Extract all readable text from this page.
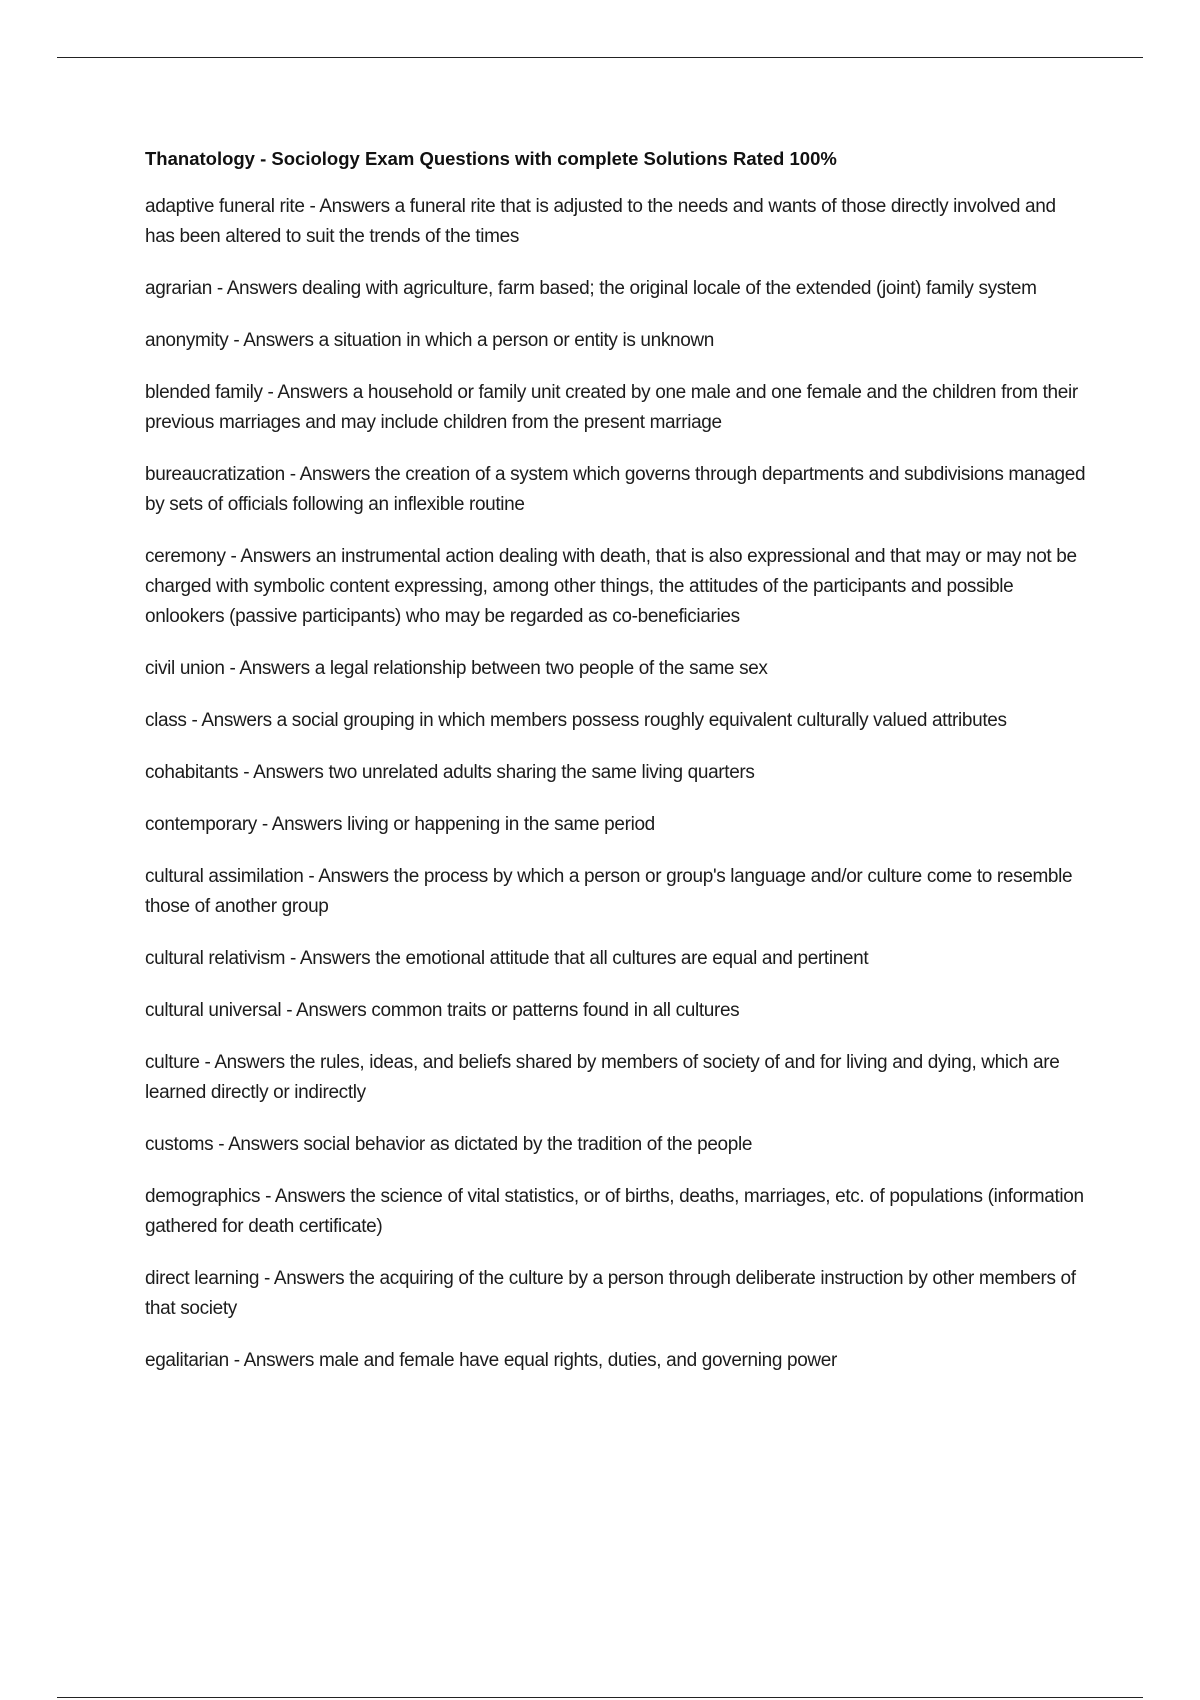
Thanatology - Sociology Exam Questions with complete Solutions Rated 100%

adaptive funeral rite - Answers a funeral rite that is adjusted to the needs and wants of those directly involved and has been altered to suit the trends of the times

agrarian - Answers dealing with agriculture, farm based; the original locale of the extended (joint) family system

anonymity - Answers a situation in which a person or entity is unknown

blended family - Answers a household or family unit created by one male and one female and the children from their previous marriages and may include children from the present marriage

bureaucratization - Answers the creation of a system which governs through departments and subdivisions managed by sets of officials following an inflexible routine

ceremony - Answers an instrumental action dealing with death, that is also expressional and that may or may not be charged with symbolic content expressing, among other things, the attitudes of the participants and possible onlookers (passive participants) who may be regarded as co-beneficiaries

civil union - Answers a legal relationship between two people of the same sex

class - Answers a social grouping in which members possess roughly equivalent culturally valued attributes

cohabitants - Answers two unrelated adults sharing the same living quarters

contemporary - Answers living or happening in the same period

cultural assimilation - Answers the process by which a person or group's language and/or culture come to resemble those of another group

cultural relativism - Answers the emotional attitude that all cultures are equal and pertinent

cultural universal - Answers common traits or patterns found in all cultures

culture - Answers the rules, ideas, and beliefs shared by members of society of and for living and dying, which are learned directly or indirectly

customs - Answers social behavior as dictated by the tradition of the people

demographics - Answers the science of vital statistics, or of births, deaths, marriages, etc. of populations (information gathered for death certificate)

direct learning - Answers the acquiring of the culture by a person through deliberate instruction by other members of that society

egalitarian - Answers male and female have equal rights, duties, and governing power
